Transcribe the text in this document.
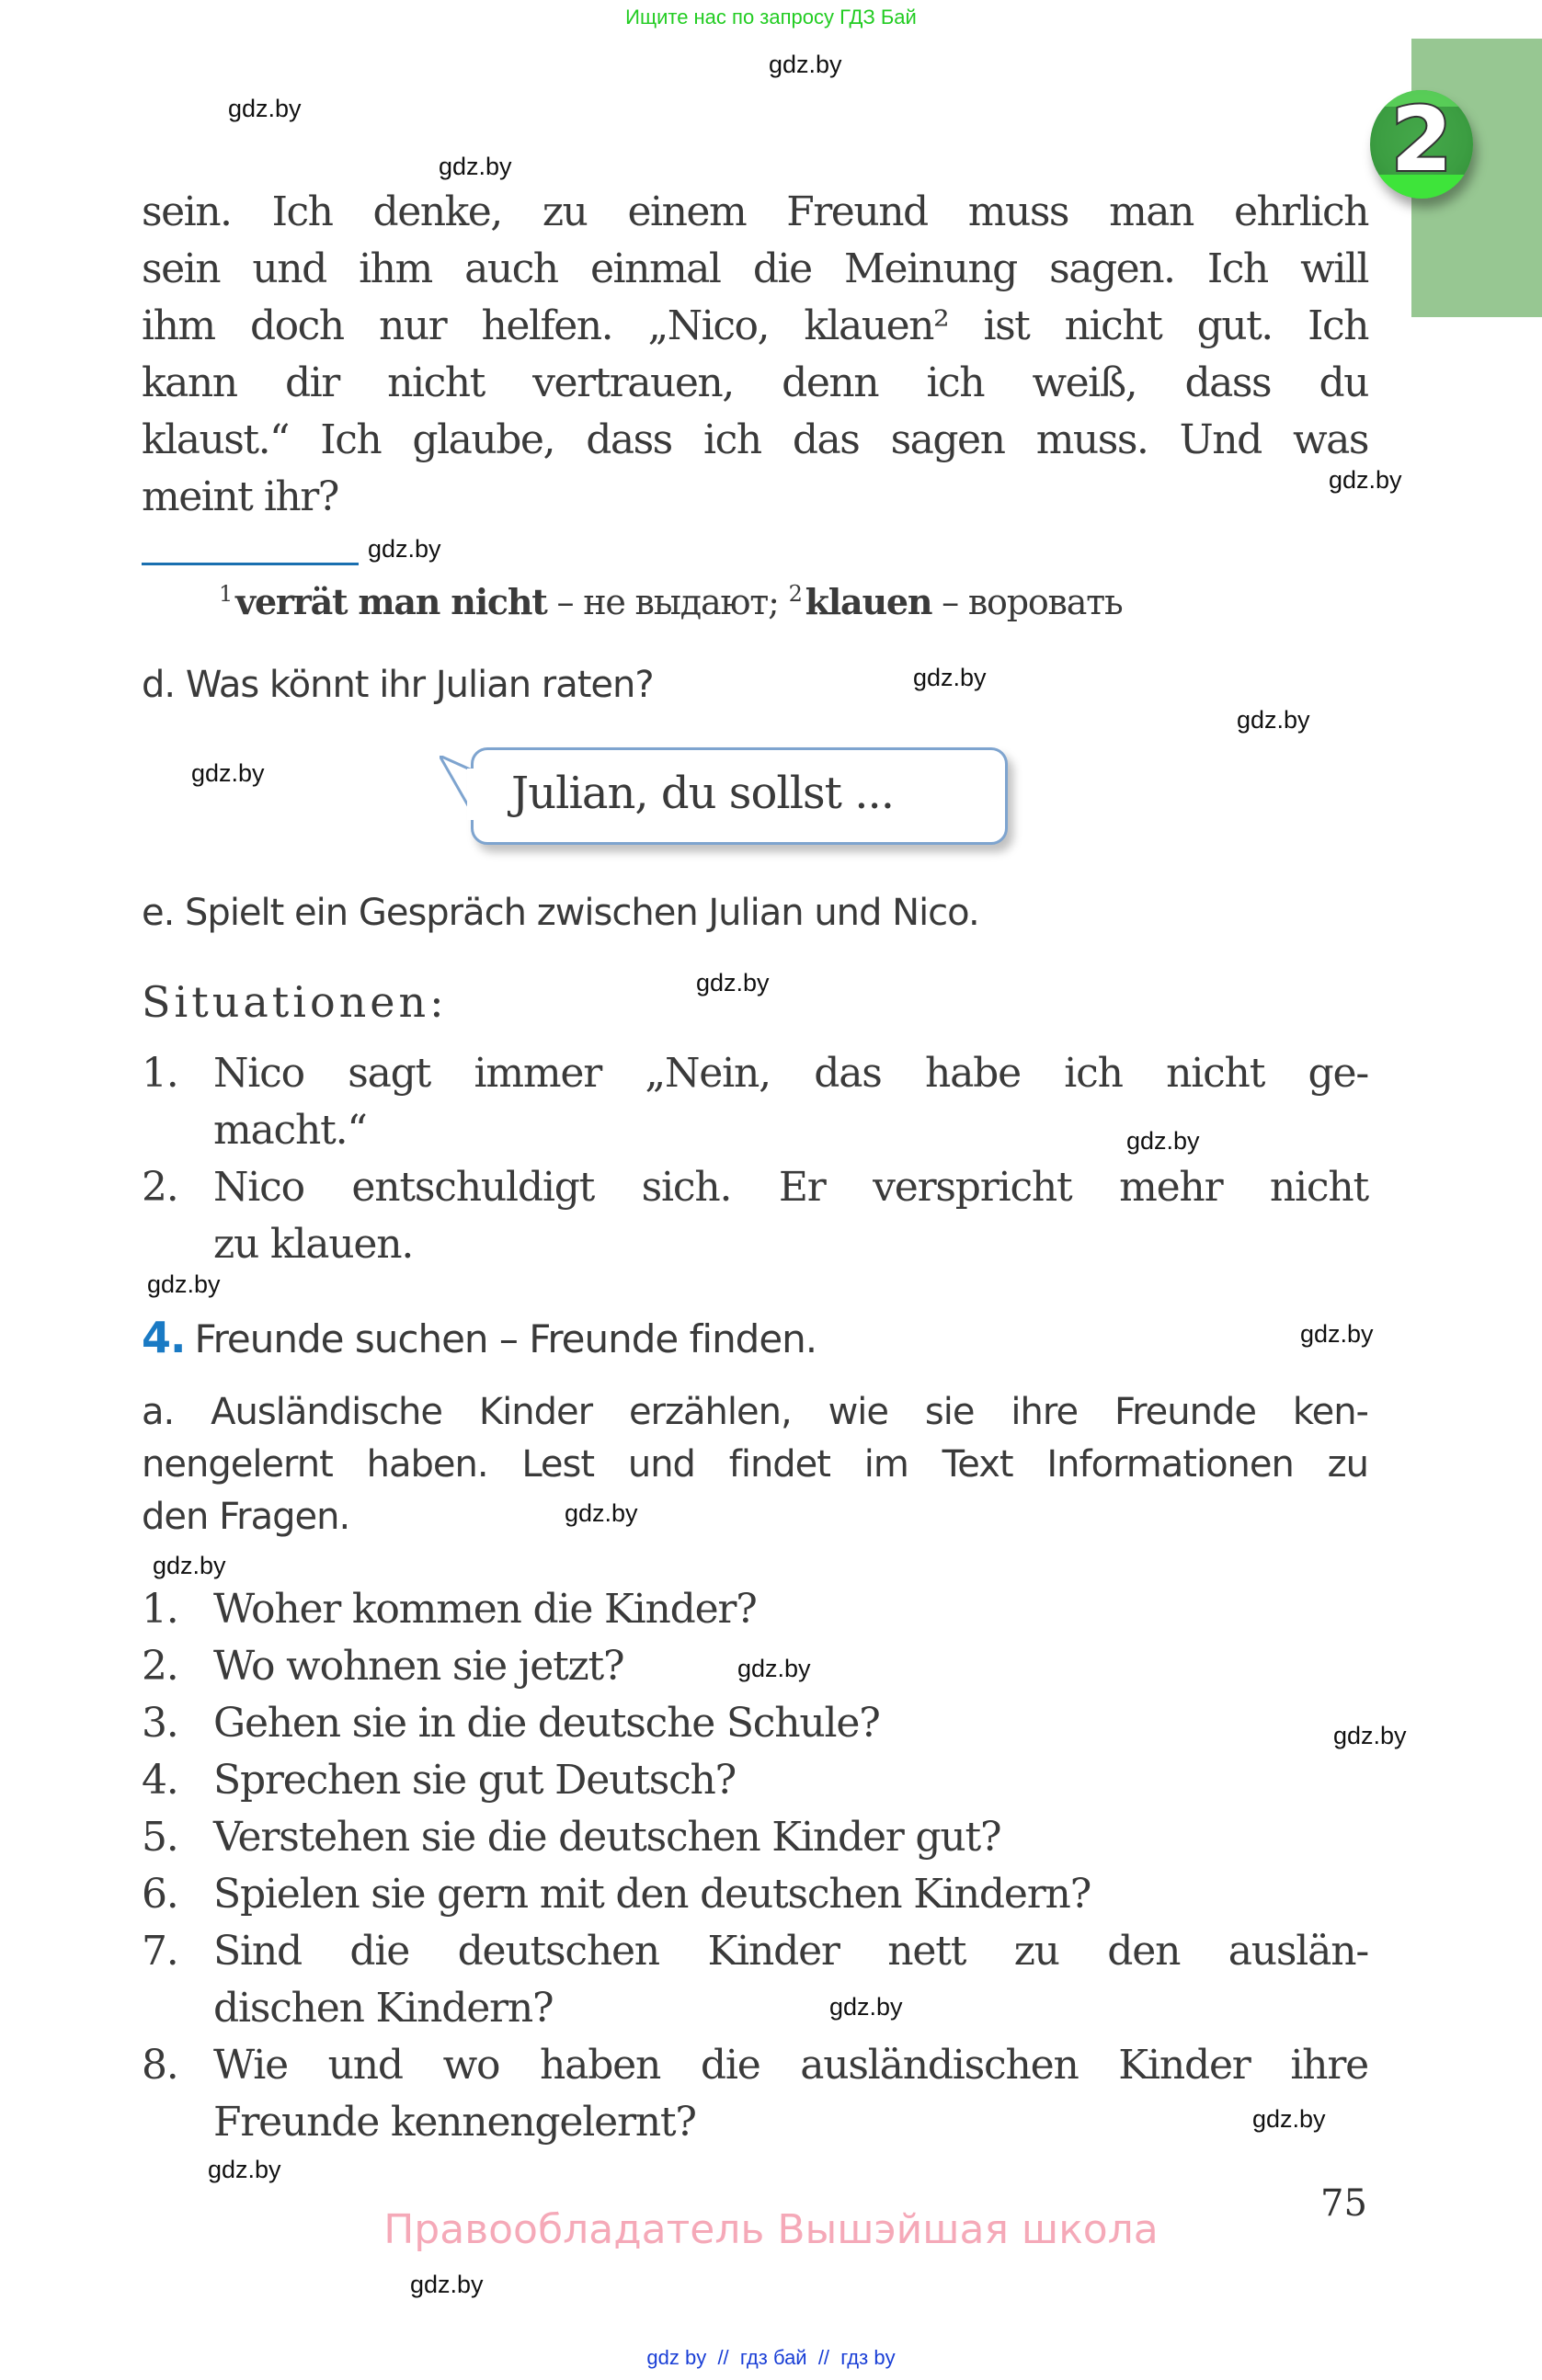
Ищите нас по запросу ГДЗ Бай
2
gdz.by
gdz.by
gdz.by
gdz.by
gdz.by
gdz.by
gdz.by
gdz.by
gdz.by
gdz.by
gdz.by
gdz.by
gdz.by
gdz.by
gdz.by
gdz.by
gdz.by
gdz.by
gdz.by
gdz.by
sein. Ich denke, zu einem Freund muss man ehrlich
sein und ihm auch einmal die Meinung sagen. Ich will
ihm doch nur helfen. „Nico, klauen² ist nicht gut. Ich
kann dir nicht vertrauen, denn ich weiß, dass du
klaust.“ Ich glaube, dass ich das sagen muss. Und was
meint ihr?
$^1$ verrät man nicht – не выдают; $^2$ klauen – воровать
d. Was könnt ihr Julian raten?
Julian, du sollst ...
e. Spielt ein Gespräch zwischen Julian und Nico.
Situationen:
1. Nico sagt immer „Nein, das habe ich nicht ge-
macht.“
2. Nico entschuldigt sich. Er verspricht mehr nicht
zu klauen.
4. Freunde suchen – Freunde finden.
a. Ausländische Kinder erzählen, wie sie ihre Freunde ken-
nengelernt haben. Lest und findet im Text Informationen zu
den Fragen.
1. Woher kommen die Kinder?
2. Wo wohnen sie jetzt?
3. Gehen sie in die deutsche Schule?
4. Sprechen sie gut Deutsch?
5. Verstehen sie die deutschen Kinder gut?
6. Spielen sie gern mit den deutschen Kindern?
7. Sind die deutschen Kinder nett zu den auslän-
dischen Kindern?
8. Wie und wo haben die ausländischen Kinder ihre
Freunde kennengelernt?
75
Правообладатель Вышэйшая школа
gdz by  //  гдз бай  //  гдз by
